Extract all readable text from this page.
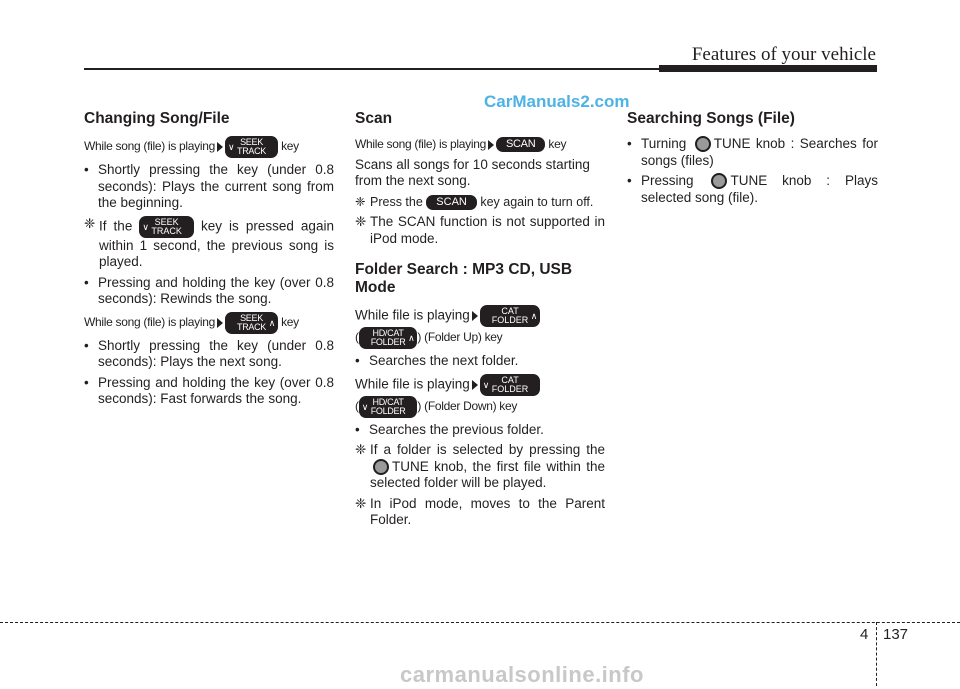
Features of your vehicle
CarManuals2.com
Changing Song/File

While song (file) is playing ∨ SEEK
TRACK key

• Shortly pressing the key (under 0.8 seconds): Plays the current song from the beginning.
❈ If the ∨ SEEK
TRACK key is pressed again within 1 second, the previous song is played.
• Pressing and holding the key (over 0.8 seconds): Rewinds the song.

While song (file) is playing	∧
SEEK
TRACK key

• Shortly pressing the key (under 0.8 seconds): Plays the next song.
• Pressing and holding the key (over 0.8 seconds): Fast forwards the song.
Scan

While song (file) is playing SCAN key

Scans all songs for 10 seconds starting from the next song.

❈ Press the SCAN key again to turn off.
❈ The SCAN function is not supported in iPod mode.
Folder Search : MP3 CD, USB Mode

While file is playing	∧
CAT
FOLDER

(	∧
HD/CAT
FOLDER ) (Folder Up) key

• Searches the next folder.

While file is playing ∨	CAT
FOLDER

( ∨ HD/CAT
FOLDER ) (Folder Down) key

• Searches the previous folder.
❈ If a folder is selected by pressing the TUNE knob, the first file within the selected folder will be played.
❈ In iPod mode, moves to the Parent Folder.
Searching Songs (File)
• Turning TUNE knob : Searches for songs (files)
• Pressing	TUNE knob : Plays selected song (file).
4 137
carmanualsonline.info
